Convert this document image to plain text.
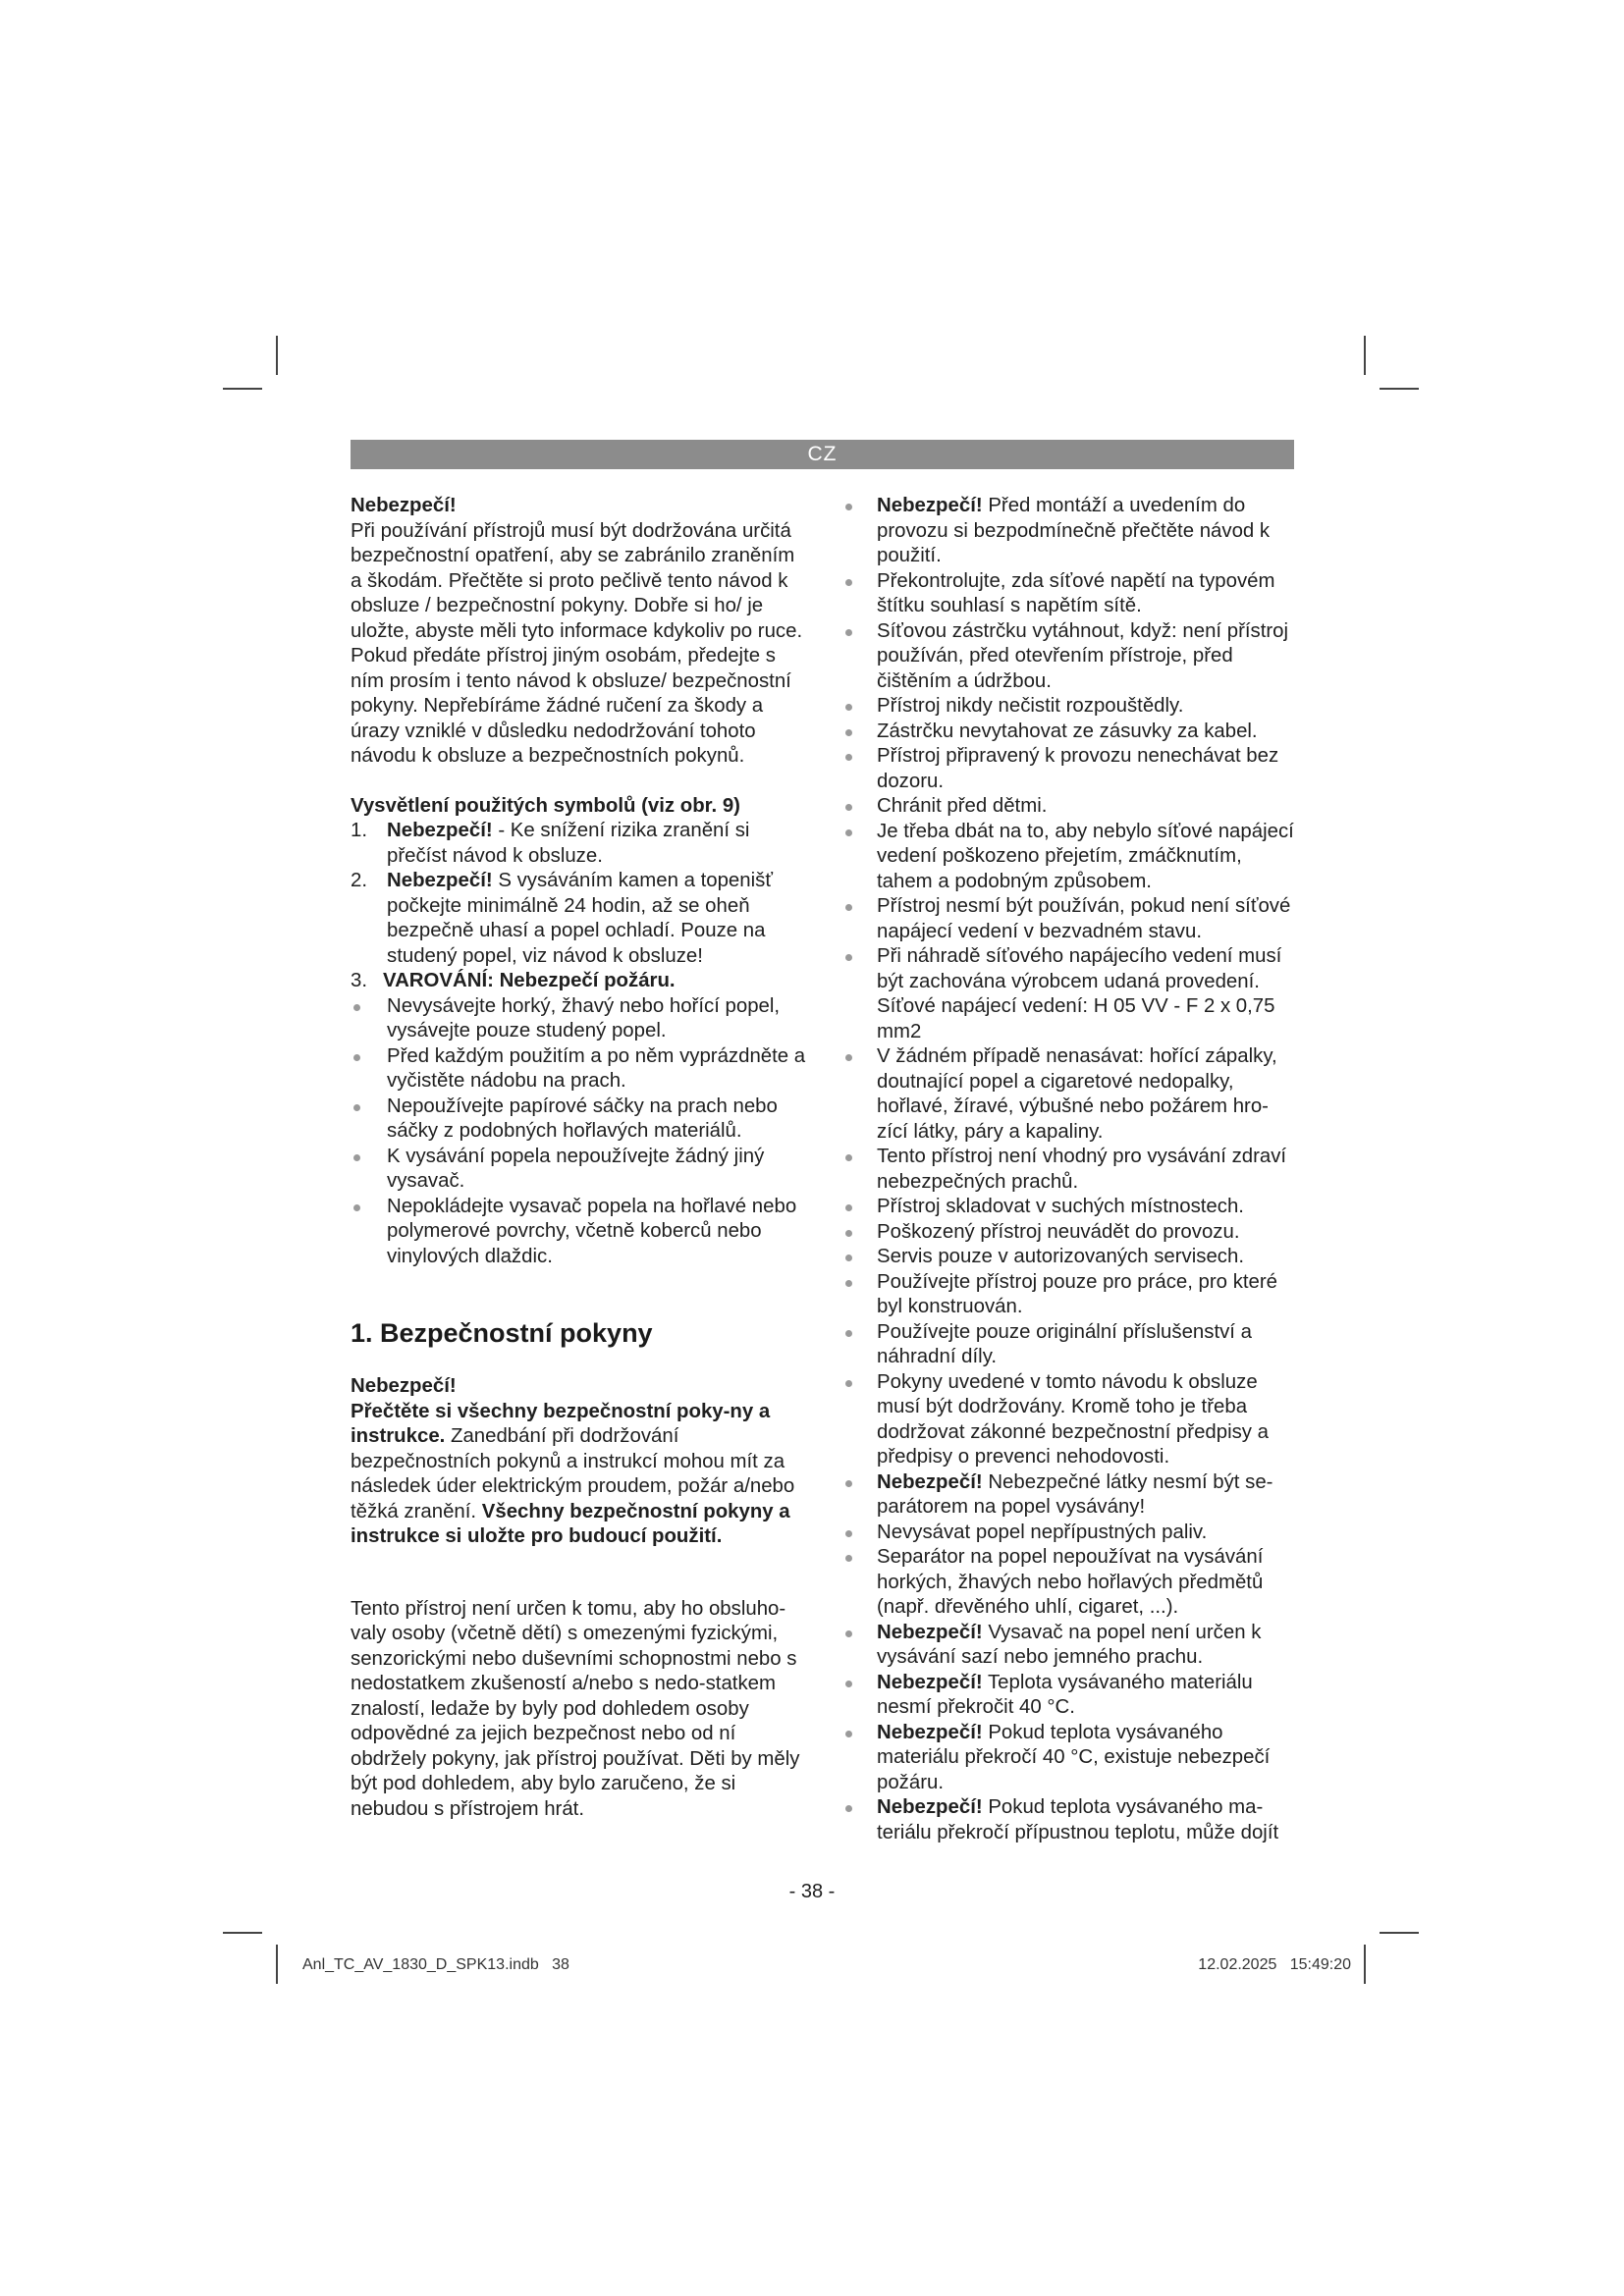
CZ

Nebezpečí!

Při používání přístrojů musí být dodržována určitá bezpečnostní opatření, aby se zabránilo zraněním a škodám. Přečtěte si proto pečlivě tento návod k obsluze / bezpečnostní pokyny. Dobře si ho/ je uložte, abyste měli tyto informace kdykoliv po ruce. Pokud předáte přístroj jiným osobám, předejte s ním prosím i tento návod k obsluze/ bezpečnostní pokyny. Nepřebíráme žádné ručení za škody a úrazy vzniklé v důsledku nedodržování tohoto návodu k obsluze a bezpečnostních pokynů.

Vysvětlení použitých symbolů (viz obr. 9)

1. Nebezpečí! - Ke snížení rizika zranění si přečíst návod k obsluze.
2. Nebezpečí! S vysáváním kamen a topenišť počkejte minimálně 24 hodin, až se oheň bezpečně uhasí a popel ochladí. Pouze na studený popel, viz návod k obsluze!
3. VAROVÁNÍ: Nebezpečí požáru.
Nevysávejte horký, žhavý nebo hořící popel, vysávejte pouze studený popel.
Před každým použitím a po něm vyprázdněte a vyčistěte nádobu na prach.
Nepoužívejte papírové sáčky na prach nebo sáčky z podobných hořlavých materiálů.
K vysávání popela nepoužívejte žádný jiný vysavač.
Nepokládejte vysavač popela na hořlavé nebo polymerové povrchy, včetně koberců nebo vinylových dlaždic.
1. Bezpečnostní pokyny

Nebezpečí!

Přečtěte si všechny bezpečnostní poky-ny a instrukce. Zanedbání při dodržování bezpečnostních pokynů a instrukcí mohou mít za následek úder elektrickým proudem, požár a/nebo těžká zranění. Všechny bezpečnostní pokyny a instrukce si uložte pro budoucí použití.

Tento přístroj není určen k tomu, aby ho obsluho-valy osoby (včetně dětí) s omezenými fyzickými, senzorickými nebo duševními schopnostmi nebo s nedostatkem zkušeností a/nebo s nedo-statkem znalostí, ledaže by byly pod dohledem osoby odpovědné za jejich bezpečnost nebo od ní obdržely pokyny, jak přístroj používat. Děti by měly být pod dohledem, aby bylo zaručeno, že si nebudou s přístrojem hrát.

Nebezpečí! Před montáží a uvedením do provozu si bezpodmínečně přečtěte návod k použití.
Překontrolujte, zda síťové napětí na typovém štítku souhlasí s napětím sítě.
Síťovou zástrčku vytáhnout, když: není přístroj používán, před otevřením přístroje, před čištěním a údržbou.
Přístroj nikdy nečistit rozpouštědly.
Zástrčku nevytahovat ze zásuvky za kabel.
Přístroj připravený k provozu nenechávat bez dozoru.
Chránit před dětmi.
Je třeba dbát na to, aby nebylo síťové napájecí vedení poškozeno přejetím, zmáčknutím, tahem a podobným způsobem.
Přístroj nesmí být používán, pokud není síťové napájecí vedení v bezvadném stavu.
Při náhradě síťového napájecího vedení musí být zachována výrobcem udaná provedení. Síťové napájecí vedení: H 05 VV - F 2 x 0,75 mm2
V žádném případě nenasávat: hořící zápalky, doutnající popel a cigaretové nedopalky, hořlavé, žíravé, výbušné nebo požárem hro-zící látky, páry a kapaliny.
Tento přístroj není vhodný pro vysávání zdraví nebezpečných prachů.
Přístroj skladovat v suchých místnostech.
Poškozený přístroj neuvádět do provozu.
Servis pouze v autorizovaných servisech.
Používejte přístroj pouze pro práce, pro které byl konstruován.
Používejte pouze originální příslušenství a náhradní díly.
Pokyny uvedené v tomto návodu k obsluze musí být dodržovány. Kromě toho je třeba dodržovat zákonné bezpečnostní předpisy a předpisy o prevenci nehodovosti.
Nebezpečí! Nebezpečné látky nesmí být se-parátorem na popel vysávány!
Nevysávat popel nepřípustných paliv.
Separátor na popel nepoužívat na vysávání horkých, žhavých nebo hořlavých předmětů (např. dřevěného uhlí, cigaret, ...).
Nebezpečí! Vysavač na popel není určen k vysávání sazí nebo jemného prachu.
Nebezpečí! Teplota vysávaného materiálu nesmí překročit 40 °C.
Nebezpečí! Pokud teplota vysávaného materiálu překročí 40 °C, existuje nebezpečí požáru.
Nebezpečí! Pokud teplota vysávaného ma-teriálu překročí přípustnou teplotu, může dojít
- 38 -
Anl_TC_AV_1830_D_SPK13.indb   38	12.02.2025   15:49:20
